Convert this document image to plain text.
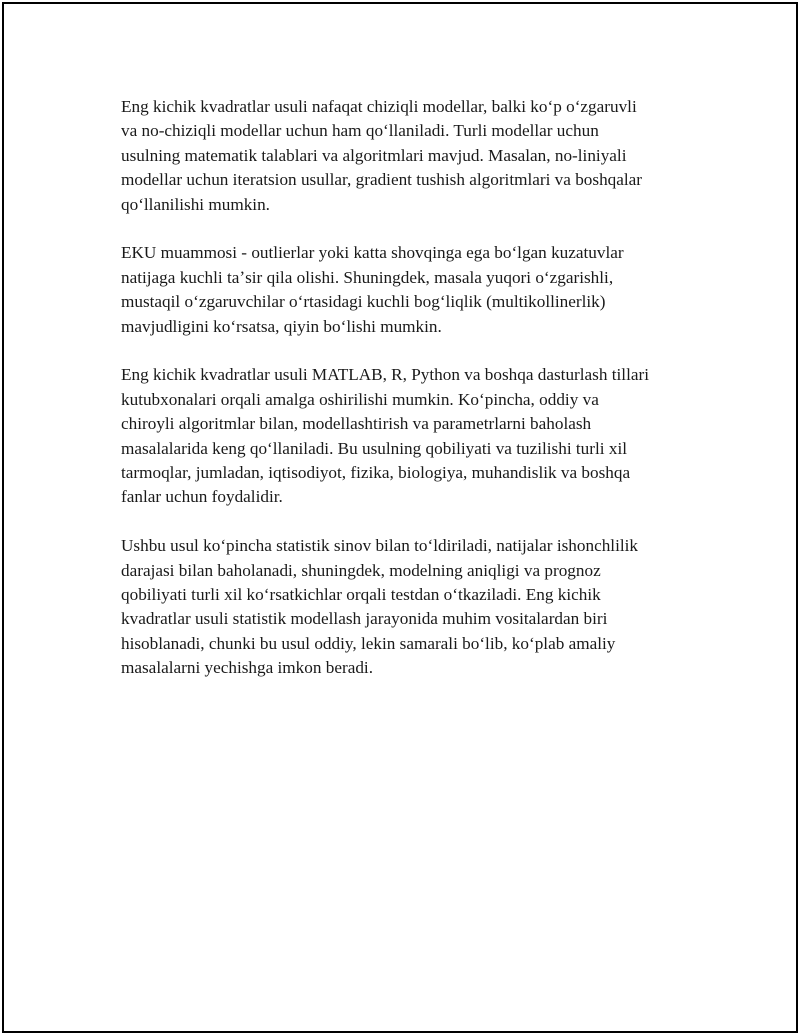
Eng kichik kvadratlar usuli nafaqat chiziqli modellar, balki koʻp oʻzgaruvli
va no-chiziqli modellar uchun ham qoʻllaniladi. Turli modellar uchun
usulning matematik talablari va algoritmlari mavjud. Masalan, no-liniyali
modellar uchun iteratsion usullar, gradient tushish algoritmlari va boshqalar
qoʻllanilishi mumkin.

EKU muammosi - outlierlar yoki katta shovqinga ega boʻlgan kuzatuvlar
natijaga kuchli taʼsir qila olishi. Shuningdek, masala yuqori oʻzgarishli,
mustaqil oʻzgaruvchilar oʻrtasidagi kuchli bogʻliqlik (multikollinerlik)
mavjudligini koʻrsatsa, qiyin boʻlishi mumkin.

Eng kichik kvadratlar usuli MATLAB, R, Python va boshqa dasturlash tillari
kutubxonalari orqali amalga oshirilishi mumkin. Koʻpincha, oddiy va
chiroyli algoritmlar bilan, modellashtirish va parametrlarni baholash
masalalarida keng qoʻllaniladi. Bu usulning qobiliyati va tuzilishi turli xil
tarmoqlar, jumladan, iqtisodiyot, fizika, biologiya, muhandislik va boshqa
fanlar uchun foydalidir.

Ushbu usul koʻpincha statistik sinov bilan toʻldiriladi, natijalar ishonchlilik
darajasi bilan baholanadi, shuningdek, modelning aniqligi va prognoz
qobiliyati turli xil koʻrsatkichlar orqali testdan oʻtkaziladi. Eng kichik
kvadratlar usuli statistik modellash jarayonida muhim vositalardan biri
hisoblanadi, chunki bu usul oddiy, lekin samarali boʻlib, koʻplab amaliy
masalalarni yechishga imkon beradi.
